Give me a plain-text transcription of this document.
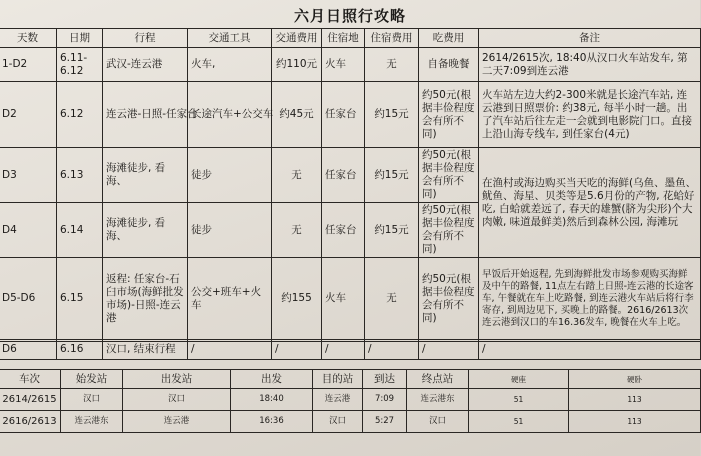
六月日照行攻略
天数	日期	行程	交通工具	交通费用	住宿地	住宿费用	吃费用	备注
1-D2	6.11-6.12	武汉-连云港	火车,	约110元	火车	无	自备晚餐	2614/2615次, 18:40从汉口火车站发车, 第二天7:09到连云港
D2	6.12	连云港-日照-任家台	长途汽车+公交车	约45元	任家台	约15元	约50元(根据丰俭程度会有所不同)	火车站左边大约2-300米就是长途汽车站, 连云港到日照票价: 约38元, 每半小时一趟。出了汽车站后往左走一会就到电影院门口。直接上沿山海专线车, 到任家台(4元)
D3	6.13	海滩徒步, 看海、	徒步	无	任家台	约15元	约50元(根据丰俭程度会有所不同)	在渔村或海边购买当天吃的海鲜(乌鱼、墨鱼、鱿鱼、海星、贝类等是5.6月份的产物, 花蛤好吃, 白蛤就差远了, 春天的雄蟹(脐为尖形)个大肉嫩, 味道最鲜美)然后到森林公园, 海滩玩
D4	6.14	海滩徒步, 看海、	徒步	无	任家台	约15元	约50元(根据丰俭程度会有所不同)	
D5-D6	6.15	返程: 任家台-石臼市场(海鲜批发市场)-日照-连云港	公交+班车+火车	约155	火车	无	约50元(根据丰俭程度会有所不同)	早饭后开始返程, 先到海鲜批发市场参观购买海鲜及中午的路餐, 11点左右踏上日照-连云港的长途客车, 午餐就在车上吃路餐, 到连云港火车站后将行李寄存, 到周边见下, 买晚上的路餐。2616/2613次连云港到汉口的车16.36发车, 晚餐在火车上吃。
D6	6.16	汉口, 结束行程	/	/	/	/	/	/
车次	始发站	出发站	出发	目的站	到达	终点站	硬座	硬卧
2614/2615	汉口	汉口	18:40	连云港	7:09	连云港东	51	113
2616/2613	连云港东	连云港	16:36	汉口	5:27	汉口	51	113
